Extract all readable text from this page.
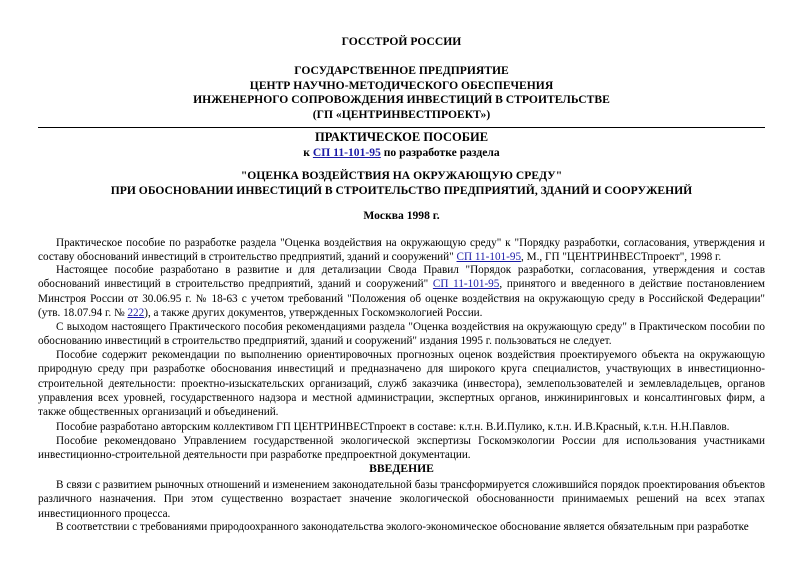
ГОССТРОЙ РОССИИ
ГОСУДАРСТВЕННОЕ ПРЕДПРИЯТИЕ
ЦЕНТР НАУЧНО-МЕТОДИЧЕСКОГО ОБЕСПЕЧЕНИЯ
ИНЖЕНЕРНОГО СОПРОВОЖДЕНИЯ ИНВЕСТИЦИЙ В СТРОИТЕЛЬСТВЕ
(ГП «ЦЕНТРИНВЕСТПРОЕКТ»)
ПРАКТИЧЕСКОЕ ПОСОБИЕ
к СП 11-101-95 по разработке раздела
"ОЦЕНКА ВОЗДЕЙСТВИЯ НА ОКРУЖАЮЩУЮ СРЕДУ"
ПРИ ОБОСНОВАНИИ ИНВЕСТИЦИЙ В СТРОИТЕЛЬСТВО ПРЕДПРИЯТИЙ, ЗДАНИЙ И СООРУЖЕНИЙ
Москва 1998 г.

Практическое пособие по разработке раздела "Оценка воздействия на окружающую среду" к "Порядку разработки, согласования, утверждения и составу обоснований инвестиций в строительство предприятий, зданий и сооружений" СП 11-101-95, М., ГП "ЦЕНТРИНВЕСТпроект", 1998 г.

Настоящее пособие разработано в развитие и для детализации Свода Правил "Порядок разработки, согласования, утверждения и состав обоснований инвестиций в строительство предприятий, зданий и сооружений" СП 11-101-95, принятого и введенного в действие постановлением Минстроя России от 30.06.95 г. № 18-63 с учетом требований "Положения об оценке воздействия на окружающую среду в Российской Федерации" (утв. 18.07.94 г. № 222), а также других документов, утвержденных Госкомэкологией России.

С выходом настоящего Практического пособия рекомендациями раздела "Оценка воздействия на окружающую среду" в Практическом пособии по обоснованию инвестиций в строительство предприятий, зданий и сооружений" издания 1995 г. пользоваться не следует.

Пособие содержит рекомендации по выполнению ориентировочных прогнозных оценок воздействия проектируемого объекта на окружающую природную среду при разработке обоснования инвестиций и предназначено для широкого круга специалистов, участвующих в инвестиционно-строительной деятельности: проектно-изыскательских организаций, служб заказчика (инвестора), землепользователей и землевладельцев, органов управления всех уровней, государственного надзора и местной администрации, экспертных органов, инжиниринговых и консалтинговых фирм, а также общественных организаций и объединений.

Пособие разработано авторским коллективом ГП ЦЕНТРИНВЕСТпроект в составе: к.т.н. В.И.Пулико, к.т.н. И.В.Красный, к.т.н. Н.Н.Павлов.

Пособие рекомендовано Управлением государственной экологической экспертизы Госкомэкологии России для использования участниками инвестиционно-строительной деятельности при разработке предпроектной документации.

ВВЕДЕНИЕ

В связи с развитием рыночных отношений и изменением законодательной базы трансформируется сложившийся порядок проектирования объектов различного назначения. При этом существенно возрастает значение экологической обоснованности принимаемых решений на всех этапах инвестиционного процесса.

В соответствии с требованиями природоохранного законодательства эколого-экономическое обоснование является обязательным при разработке
